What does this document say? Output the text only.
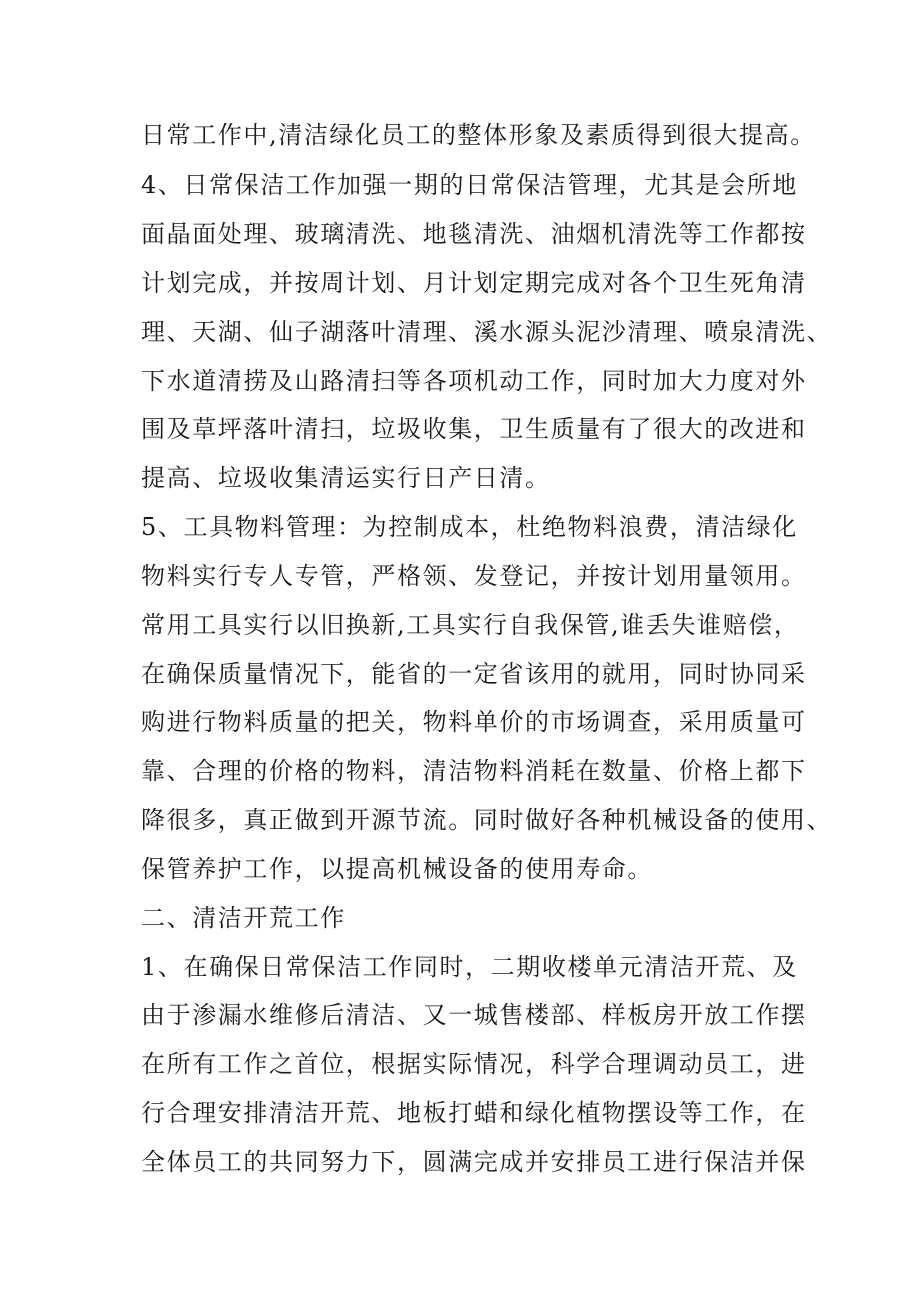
日常工作中,清洁绿化员工的整体形象及素质得到很大提高。
4、日常保洁工作加强一期的日常保洁管理，尤其是会所地
面晶面处理、玻璃清洗、地毯清洗、油烟机清洗等工作都按
计划完成，并按周计划、月计划定期完成对各个卫生死角清
理、天湖、仙子湖落叶清理、溪水源头泥沙清理、喷泉清洗、
下水道清捞及山路清扫等各项机动工作，同时加大力度对外
围及草坪落叶清扫，垃圾收集，卫生质量有了很大的改进和
提高、垃圾收集清运实行日产日清。
5、工具物料管理：为控制成本，杜绝物料浪费，清洁绿化
物料实行专人专管，严格领、发登记，并按计划用量领用。
常用工具实行以旧换新,工具实行自我保管,谁丢失谁赔偿，
在确保质量情况下，能省的一定省该用的就用，同时协同采
购进行物料质量的把关，物料单价的市场调查，采用质量可
靠、合理的价格的物料，清洁物料消耗在数量、价格上都下
降很多，真正做到开源节流。同时做好各种机械设备的使用、
保管养护工作，以提高机械设备的使用寿命。
二、清洁开荒工作
1、在确保日常保洁工作同时，二期收楼单元清洁开荒、及
由于渗漏水维修后清洁、又一城售楼部、样板房开放工作摆
在所有工作之首位，根据实际情况，科学合理调动员工，进
行合理安排清洁开荒、地板打蜡和绿化植物摆设等工作，在
全体员工的共同努力下，圆满完成并安排员工进行保洁并保
